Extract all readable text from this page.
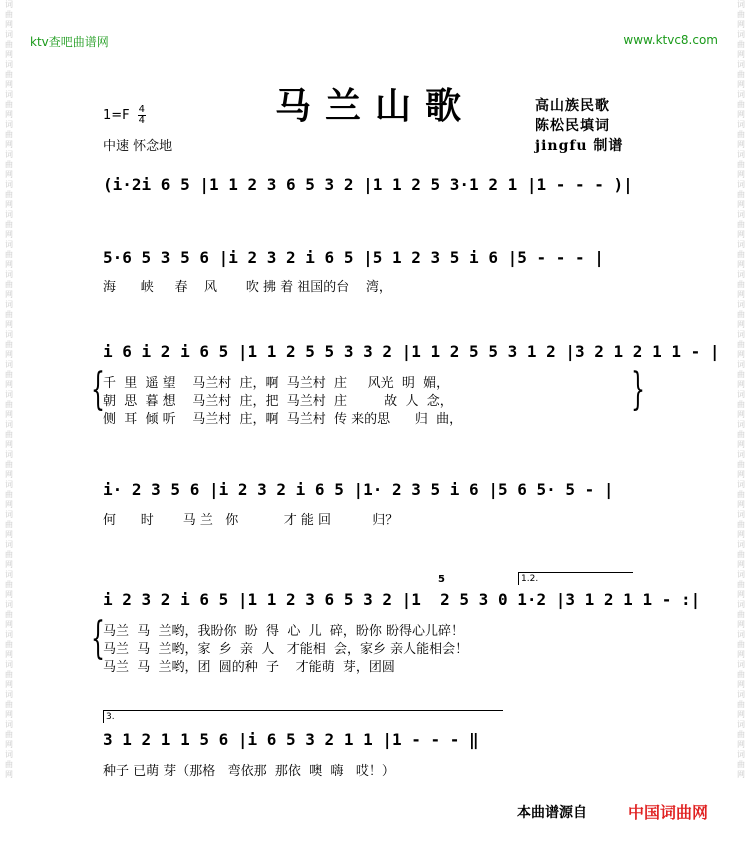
词曲网词曲网词曲网词曲网词曲网词曲网词曲网词曲网词曲网词曲网词曲网词曲网词曲网词曲网词曲网词曲网词曲网词曲网词曲网词曲网词曲网词曲网词曲网词曲网词曲网词曲网
词曲网词曲网词曲网词曲网词曲网词曲网词曲网词曲网词曲网词曲网词曲网词曲网词曲网词曲网词曲网词曲网词曲网词曲网词曲网词曲网词曲网词曲网词曲网词曲网词曲网词曲网
ktv查吧曲谱网	www.ktvc8.com
马兰山歌	高山族民歌
陈松民填词
jingfu 制谱
$1=F \frac{4}{4}$
中速 怀念地
(i·2i 6 5 |1 1 2 3 6 5 3 2 |1 1 2 5 3·1 2 1 |1 - - - )|
5·6 5 3 5 6 |i 2 3 2 i 6 5 |5 1 2 3 5 i 6 |5 - - - |
海      峡     春    风       吹 拂 着 祖国的台    湾，
i 6 i 2 i 6 5 |1 1 2 5 5 3 3 2 |1 1 2 5 5 3 1 2 |3 2 1 2 1 1 - |
{
千  里  遥 望    马兰村  庄，啊  马兰村  庄     风光  明  媚，
朝  思  暮 想    马兰村  庄，把  马兰村  庄         故  人  念，
侧  耳  倾 听    马兰村  庄，啊  马兰村  传 来的思      归  曲，
}
i· 2 3 5 6 |i 2 3 2 i 6 5 |1· 2 3 5 i 6 |5 6 5· 5 - |
何      时       马 兰   你           才 能 回          归？
1.2.
5
i 2 3 2 i 6 5 |1 1 2 3 6 5 3 2 |1  2 5 3 0 1·2 |3 1 2 1 1 - :|
{
马兰  马  兰哟，我盼你  盼  得  心  儿  碎，盼你 盼得心儿碎！
马兰  马  兰哟，家  乡  亲  人   才能相  会，家乡 亲人能相会！
马兰  马  兰哟，团  圆的种  子    才能萌  芽，团圆
3.
3 1 2 1 1 5 6 |i 6 5 3 2 1 1 |1 - - - ‖
种子 已萌 芽（那格   弯依那  那依  噢  嗨   哎！）
本曲谱源自	中国词曲网
